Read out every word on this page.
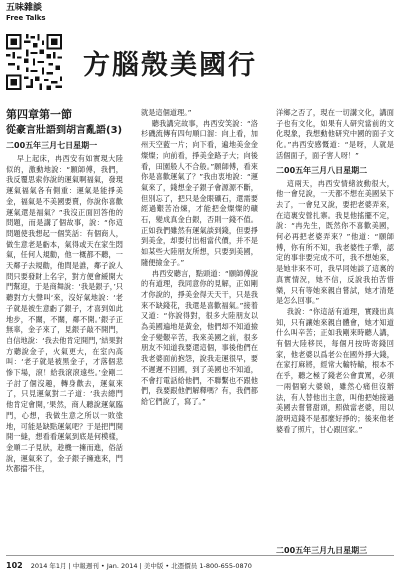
五味雜談
Free Talks
方腦殼美國行
第四章第一節
從豪言壯語到胡言亂語(3)
二00五年三月七日星期一

早上起床，冉西安有如實現大陸似的，激動地說：“願師傅，我們，我反覆思索你說的運氣啊福氣，發現運氣福氣各有側重：運氣是能掙美金，福氣是不美國要賣，你說你喜歡運氣還是福氣？”我沒正面回答他的問題，而是講了個故事，說：“你這問題使我想起一個笑話：有個商人，做生意老是虧本，氣得或天在家生悶氣，任何人規勸，他一概都不聽，一天鄰子去規勸，他問是誰，鄰子說人問只要發財上名字，對方便會緩開大門幫迎，于是商舞說：‘我是銀子，’只聽對方大聲叫‘來，沒好氣地說：‘老子就是被生意虧了銀子，才喜到如此地步，不關，不關，鄰不開。’銀子正無辜，金子來了，見銀子敲不開門，自信地說：‘我去他肯定開門，’結果對方聽說金子，火氣更大，在室內高叫：‘老子就是被黑金子，才落個悲慘下場，滾！給我滾滾遠些。’金剛二子討了個沒趣，轉身歡去，運氣來了，只見運氣對二子道：‘我去總門他肯定會開，’果然，商人聽說運氣臨門，心想，我做生意之所以一敗塗地，可能是缺點運氣吧？于是把門開開一縫，想看看運氣到底是何模樣，金順二子見狀，趁機一擁而進，俗話說，運氣來了，金子銀子擁進來，門坎都擋不住，

就是這個道理。”

聽我講完故事，冉西安笑說：“洛杉磯流傳有四句順口溜：向上看，加州天空藍一片；向下看，遍地美金金燦燦；向前看，掙美金路子大；向後看，田園般人不合般。”願師傅，看來你是喜歡運氣了？”我由衷地說：“運氣來了，錢想金子銀子會源源不斷，但別忘了，把只是金眼礦石，還需要經過艱苦冶煉，才能把金燦燦的礦石，變成真金白銀，否則一錢不值。正如我們雖然有運氣談到錢，但要掙到美金，却要付出相當代價，并不是如某些大陸朋友所想，只要到美國，隨便撿金子。”

冉西安聽言，點頭道：“願師傅說的有道理，我同意你的見解，正如剛才你說的，掙美金得天天干，只是我來不缺錢花，我還是喜歡福氣。”接着又道：“你說得對，很多大陸朋友以為美國遍地是黃金，他們却不知道撿金子變艱辛苦，我來美國之前，很多朋友不知道我要還這個，事後他們在我老婆面前抱怨，說我走運很早，要不遲遲不回國，到了美國也不知道，不會打電話給他們，不聯繫也不跟他們，我要跟他們解釋嗎？有，我們都給它們說了，寫了。”

洋鄉之否了，現在一切講文化，講面子也有文化，如果有人研究當前的文化現象，我想動他研究中國的面子文化。”冉西安感慨道：“是呀，人就是活個面子，面子害人呀！”

二00五年三月八日星期二

這兩天，冉西安情緒波動很大，他一會兒說，一天都不想在美國呆下去了，一會兒又說，要把老婆弄來，在這裏安營扎寨。我見他搖擺不定，說：“冉先生，既然你不喜歡美國，何必再把老婆弄來？”他道：“願師傅，你有所不知，我老婆性子犟，認定的事非要完成不可，我不想她來，是她非來不可，我早同她談了這裏的真實情況，她不信，反說我拍苦惜樂，只有等她來親自嘗試，她才清楚是怎么回事。”

我說：“你這話有道理，實踐出真知，只有讓她來親自體會，她才知道什么叫辛苦；正如我剛來時聽人講，有個大陸移民，每個月按時寄錢回家，他老婆以爲老公在國外掙大錢，在家打麻將，經常大輸特輸，根本不在乎，聽之極了錢老公會責罵，必須一兩個窮大婆娘，雖然心痛但沒辦法，有人替他出主意，叫他把她接過美國去嘗嘗甜頭，照做當老婆，用以證明這錢不是那麼好掙的；後來他老婆看了照片，甘心跟回家。”

二00五年三月九日星期三
102 2014 年1月 | 中報週刊 • Jan. 2014 | 美中版 • 北憑價员 1-800-655-0870
